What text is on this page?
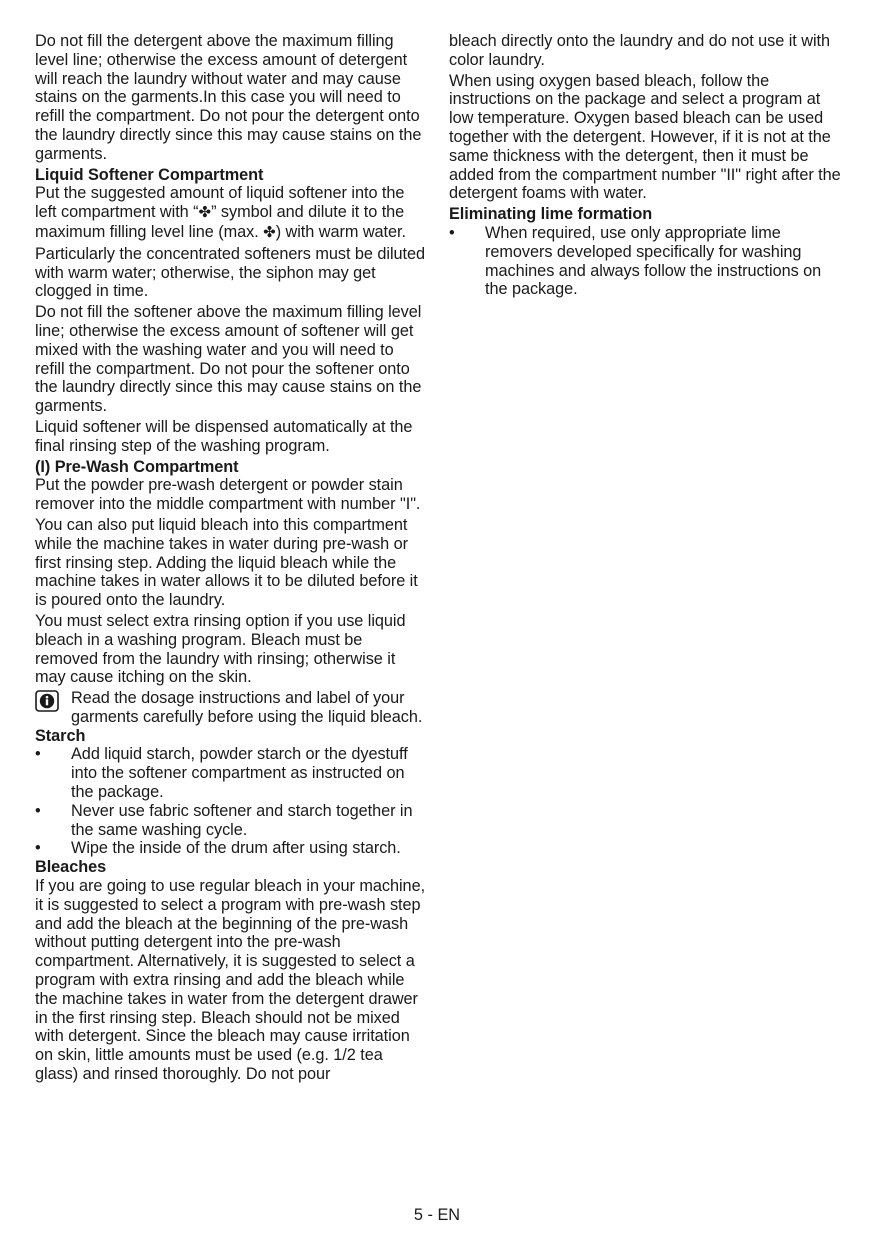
Do not fill the detergent above the maximum filling level line; otherwise the excess amount of detergent will reach the laundry without water and may cause stains on the garments.In this case you will need to refill the compartment. Do not pour the detergent onto the laundry directly since this may cause stains on the garments.

Liquid Softener Compartment

Put the suggested amount of liquid softener into the left compartment with “✤” symbol and dilute it to the maximum filling level line (max. ✤) with warm water.

Particularly the concentrated softeners must be diluted with warm water; otherwise, the siphon may get clogged in time.

Do not fill the softener above the maximum filling level line; otherwise the excess amount of softener will get mixed with the washing water and you will need to refill the compartment. Do not pour the softener onto the laundry directly since this may cause stains on the garments.

Liquid softener will be dispensed automatically at the final rinsing step of the washing program.

(I) Pre-Wash Compartment

Put the powder pre-wash detergent or powder stain remover into the middle compartment with number "I".

You can also put liquid bleach into this compartment while the machine takes in water during pre-wash or first rinsing step. Adding the liquid bleach while the machine takes in water allows it to be diluted before it is poured onto the laundry.

You must select extra rinsing option if you use liquid bleach in a washing program. Bleach must be removed from the laundry with rinsing; otherwise it may cause itching on the skin.

Read the dosage instructions and label of your garments carefully before using the liquid bleach.
Starch
• Add liquid starch, powder starch or the dyestuff into the softener compartment as instructed on the package.
• Never use fabric softener and starch together in the same washing cycle.
• Wipe the inside of the drum after using starch.
Bleaches

If you are going to use regular bleach in your machine, it is suggested to select a program with pre-wash step and add the bleach at the beginning of the pre-wash without putting detergent into the pre-wash compartment. Alternatively, it is suggested to select a program with extra rinsing and add the bleach while the machine takes in water from the detergent drawer in the first rinsing step. Bleach should not be mixed with detergent. Since the bleach may cause irritation on skin, little amounts must be used (e.g. 1/2 tea glass) and rinsed thoroughly. Do not pour

bleach directly onto the laundry and do not use it with color laundry.

When using oxygen based bleach, follow the instructions on the package and select a program at low temperature. Oxygen based bleach can be used together with the detergent. However, if it is not at the same thickness with the detergent, then it must be added from the compartment number "II" right after the detergent foams with water.

Eliminating lime formation
• When required, use only appropriate lime removers developed specifically for washing machines and always follow the instructions on the package.
5 - EN
